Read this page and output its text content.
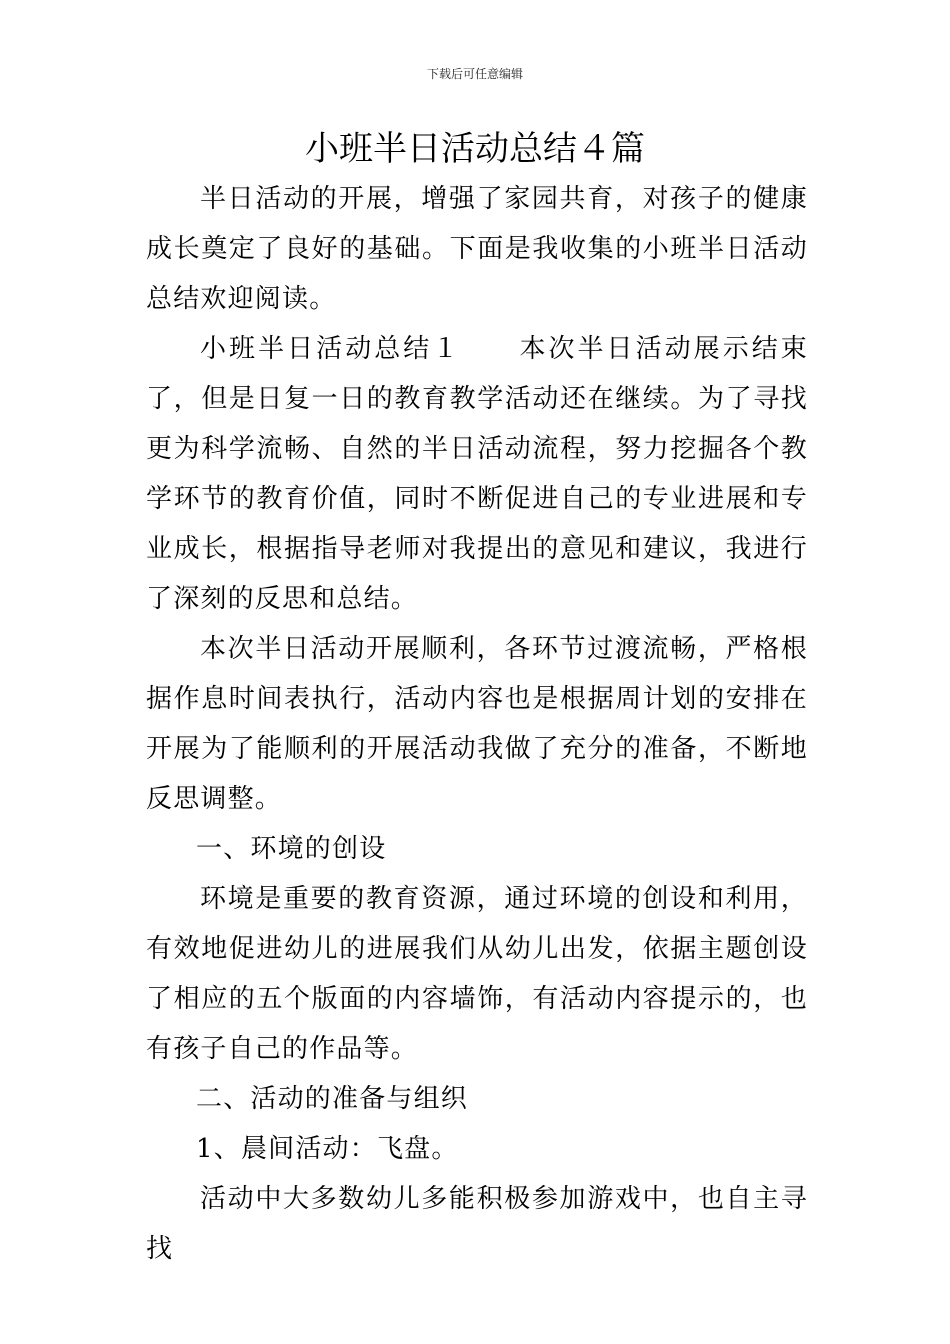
下载后可任意编辑
小班半日活动总结４篇

半日活动的开展，增强了家园共育，对孩子的健康成长奠定了良好的基础。下面是我收集的小班半日活动总结欢迎阅读。

小班半日活动总结１　　本次半日活动展示结束了，但是日复一日的教育教学活动还在继续。为了寻找更为科学流畅、自然的半日活动流程，努力挖掘各个教学环节的教育价值，同时不断促进自己的专业进展和专业成长，根据指导老师对我提出的意见和建议，我进行了深刻的反思和总结。

本次半日活动开展顺利，各环节过渡流畅，严格根据作息时间表执行，活动内容也是根据周计划的安排在开展为了能顺利的开展活动我做了充分的准备，不断地反思调整。

一、环境的创设

环境是重要的教育资源，通过环境的创设和利用，有效地促进幼儿的进展我们从幼儿出发，依据主题创设了相应的五个版面的内容墙饰，有活动内容提示的，也有孩子自己的作品等。

二、活动的准备与组织

1、晨间活动：飞盘。

活动中大多数幼儿多能积极参加游戏中，也自主寻找
